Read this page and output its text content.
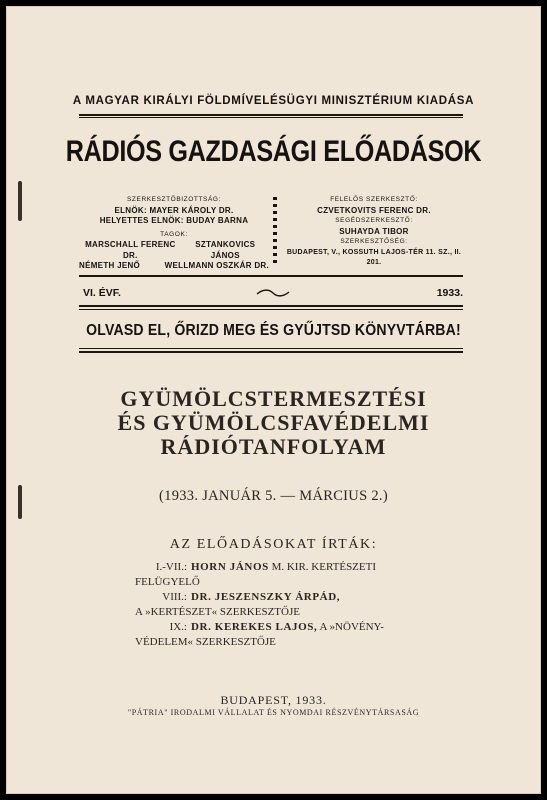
A MAGYAR KIRÁLYI FÖLDMÍVELÉSÜGYI MINISZTÉRIUM KIADÁSA
RÁDIÓS GAZDASÁGI ELŐADÁSOK
SZERKESZTŐBIZOTTSÁG:
ELNÖK: MAYER KÁROLY DR.
HELYETTES ELNÖK: BUDAY BARNA
TAGOK:
MARSCHALL FERENC DR.
SZTANKOVICS JÁNOS
NÉMETH JENŐ	WELLMANN OSZKÁR DR.
FELELŐS SZERKESZTŐ:
CZVETKOVITS FERENC DR.
SEGÉDSZERKESZTŐ:
SUHAYDA TIBOR
SZERKESZTŐSÉG:
BUDAPEST, V., KOSSUTH LAJOS-TÉR 11. SZ., II. 201.
VI. ÉVF.	1933.
OLVASD EL, ŐRIZD MEG ÉS GYŰJTSD KÖNYVTÁRBA!
GYÜMÖLCSTERMESZTÉSI
ÉS GYÜMÖLCSFAVÉDELMI
RÁDIÓTANFOLYAM
(1933. JANUÁR 5. — MÁRCIUS 2.)
AZ ELŐADÁSOKAT ÍRTÁK:
I.-VII.: HORN JÁNOS M. KIR. KERTÉSZETI
FELÜGYELŐ
VIII.: DR. JESZENSZKY ÁRPÁD,
A »KERTÉSZET« SZERKESZTŐJE
IX.: DR. KEREKES LAJOS, A »NÖVÉNY-
VÉDELEM« SZERKESZTŐJE
BUDAPEST, 1933.
"PÁTRIA" IRODALMI VÁLLALAT ÉS NYOMDAI RÉSZVÉNYTÁRSASÁG
